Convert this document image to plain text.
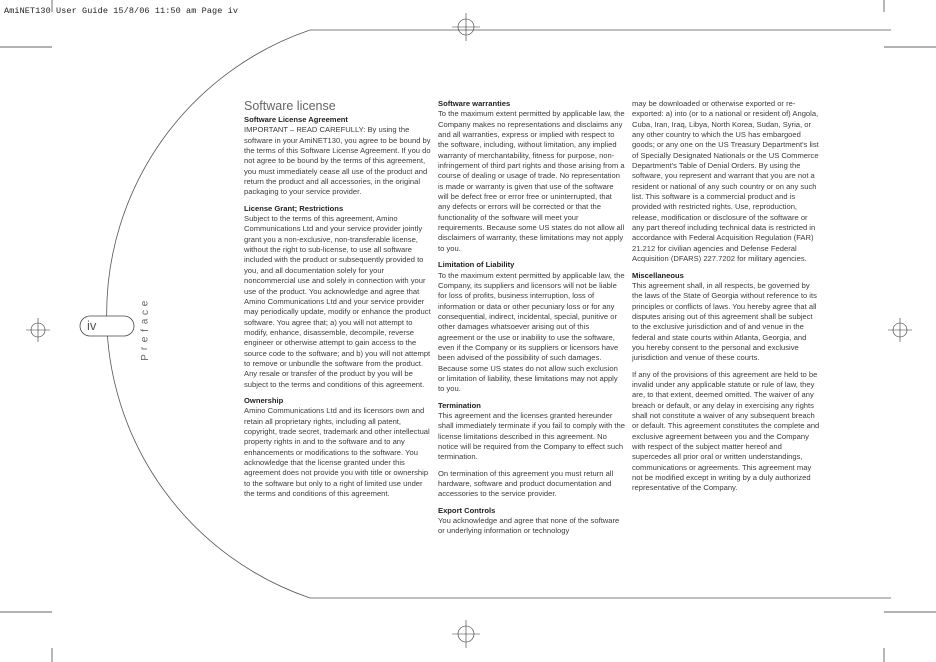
AmiNET130 User Guide 15/8/06 11:50 am Page iv
iv
P
r
e
f
a
c
e
Software license

Software License Agreement

IMPORTANT – READ CAREFULLY: By using the software in your AmiNET130, you agree to be bound by the terms of this Software License Agreement. If you do not agree to be bound by the terms of this agreement, you must immediately cease all use of the product and return the product and all accessories, in the original packaging to your service provider.

License Grant; Restrictions

Subject to the terms of this agreement, Amino Communications Ltd and your service provider jointly grant you a non-exclusive, non-transferable license, without the right to sub-license, to use all software included with the product or subsequently provided to you, and all documentation solely for your noncommercial use and solely in connection with your use of the product. You acknowledge and agree that Amino Communications Ltd and your service provider may periodically update, modify or enhance the product software. You agree that; a) you will not attempt to modify, enhance, disassemble, decompile, reverse engineer or otherwise attempt to gain access to the source code to the software; and b) you will not attempt to remove or unbundle the software from the product. Any resale or transfer of the product by you will be subject to the terms and conditions of this agreement.

Ownership

Amino Communications Ltd and its licensors own and retain all proprietary rights, including all patent, copyright, trade secret, trademark and other intellectual property rights in and to the software and to any enhancements or modifications to the software. You acknowledge that the license granted under this agreement does not provide you with title or ownership to the software but only to a right of limited use under the terms and conditions of this agreement.

Software warranties

To the maximum extent permitted by applicable law, the Company makes no representations and disclaims any and all warranties, express or implied with respect to the software, including, without limitation, any implied warranty of merchantability, fitness for purpose, non-infringement of third part rights and those arising from a course of dealing or usage of trade. No representation is made or warranty is given that use of the software will be defect free or error free or uninterrupted, that any defects or errors will be corrected or that the functionality of the software will meet your requirements. Because some US states do not allow all disclaimers of warranty, these limitations may not apply to you.

Limitation of Liability

To the maximum extent permitted by applicable law, the Company, its suppliers and licensors will not be liable for loss of profits, business interruption, loss of information or data or other pecuniary loss or for any consequential, indirect, incidental, special, punitive or other damages whatsoever arising out of this agreement or the use or inability to use the software, even if the Company or its suppliers or licensors have been advised of the possibility of such damages. Because some US states do not allow such exclusion or limitation of liability, these limitations may not apply to you.

Termination

This agreement and the licenses granted hereunder shall immediately terminate if you fail to comply with the license limitations described in this agreement. No notice will be required from the Company to effect such termination.

On termination of this agreement you must return all hardware, software and product documentation and accessories to the service provider.

Export Controls

You acknowledge and agree that none of the software or underlying information or technology

may be downloaded or otherwise exported or re-exported: a) into (or to a national or resident of) Angola, Cuba, Iran, Iraq, Libya, North Korea, Sudan, Syria, or any other country to which the US has embargoed goods; or any one on the US Treasury Department's list of Specially Designated Nationals or the US Commerce Department's Table of Denial Orders. By using the software, you represent and warrant that you are not a resident or national of any such country or on any such list. This software is a commercial product and is provided with restricted rights. Use, reproduction, release, modification or disclosure of the software or any part thereof including technical data is restricted in accordance with Federal Acquisition Regulation (FAR) 21.212 for civilian agencies and Defense Federal Acquisition (DFARS) 227.7202 for military agencies.

Miscellaneous

This agreement shall, in all respects, be governed by the laws of the State of Georgia without reference to its principles or conflicts of laws. You hereby agree that all disputes arising out of this agreement shall be subject to the exclusive jurisdiction and of and venue in the federal and state courts within Atlanta, Georgia, and you hereby consent to the personal and exclusive jurisdiction and venue of these courts.

If any of the provisions of this agreement are held to be invalid under any applicable statute or rule of law, they are, to that extent, deemed omitted. The waiver of any breach or default, or any delay in exercising any rights shall not constitute a waiver of any subsequent breach or default. This agreement constitutes the complete and exclusive agreement between you and the Company with respect of the subject matter hereof and supercedes all prior oral or written understandings, communications or agreements. This agreement may not be modified except in writing by a duly authorized representative of the Company.
